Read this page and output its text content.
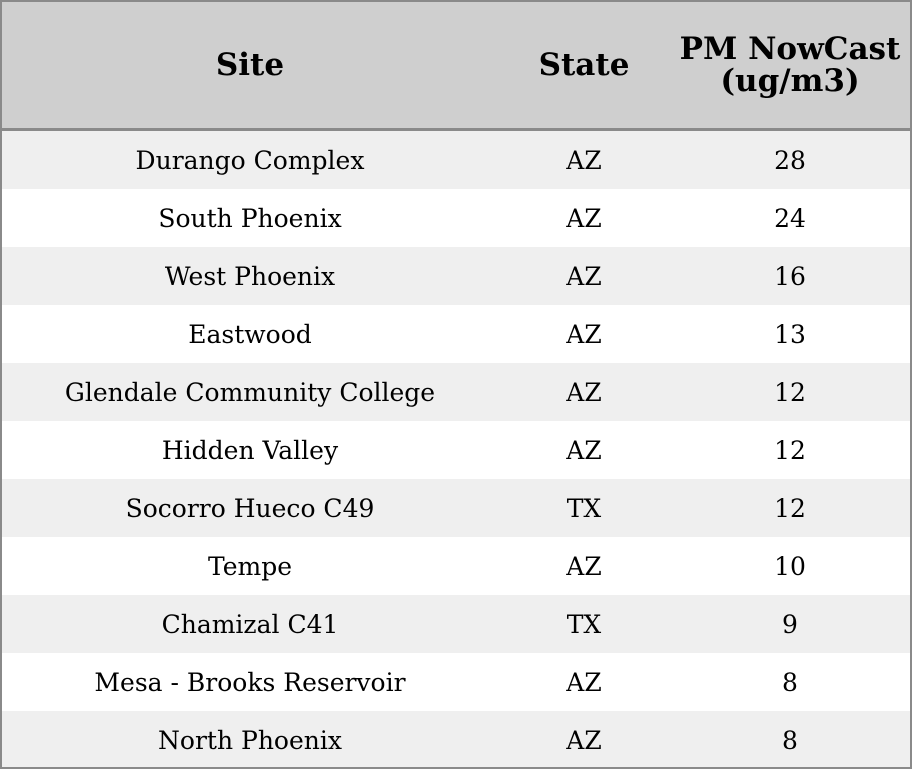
Site	State	PM NowCast (ug/m3)
Durango Complex	AZ	28
South Phoenix	AZ	24
West Phoenix	AZ	16
Eastwood	AZ	13
Glendale Community College	AZ	12
Hidden Valley	AZ	12
Socorro Hueco C49	TX	12
Tempe	AZ	10
Chamizal C41	TX	9
Mesa - Brooks Reservoir	AZ	8
North Phoenix	AZ	8
